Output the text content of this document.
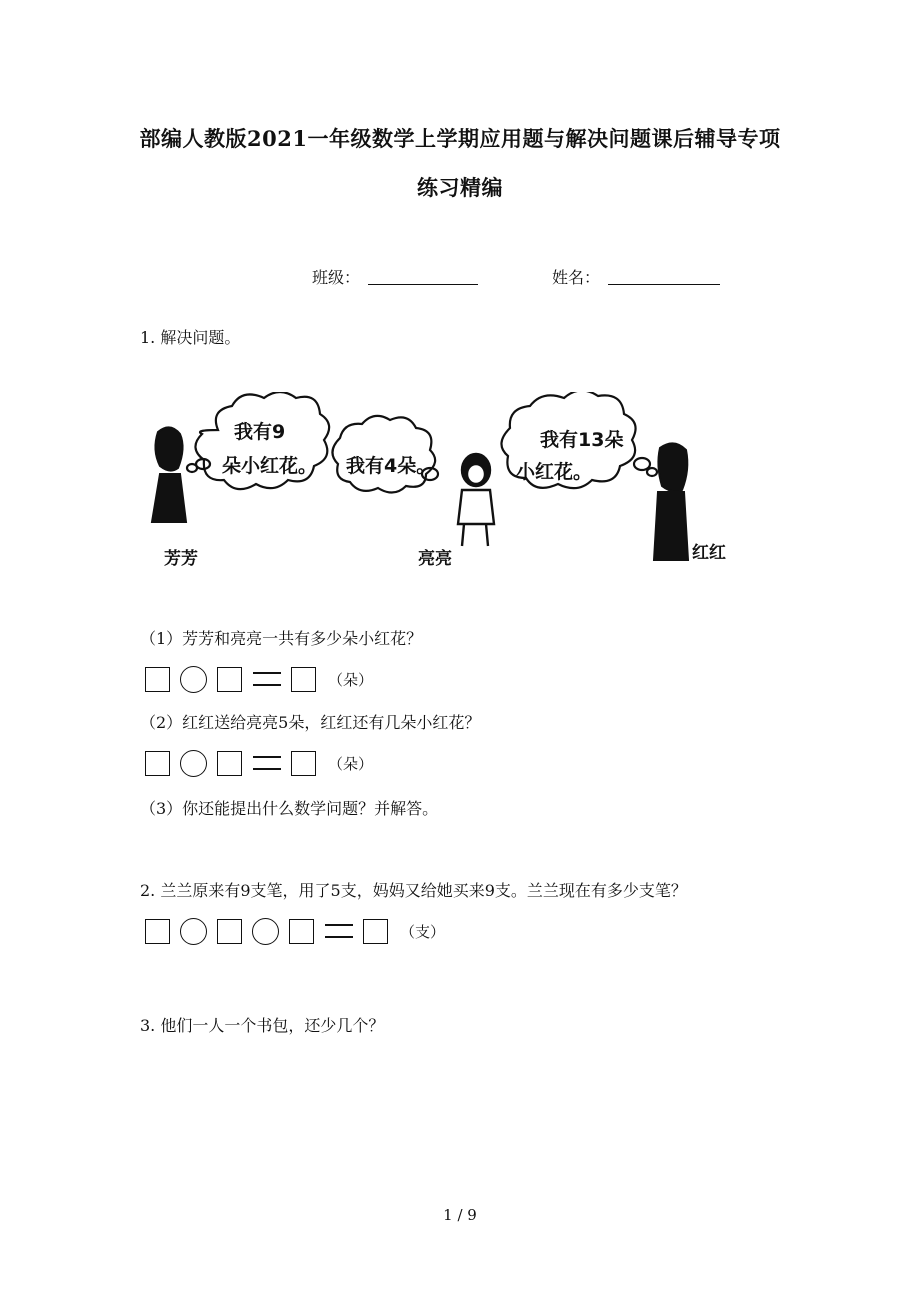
部编人教版2021一年级数学上学期应用题与解决问题课后辅导专项
练习精编
班级：	姓名：
1. 解决问题。
我有9
朵小红花。 我有4朵。
我有13朵
小红花。
芳芳	亮亮	红红
（1）芳芳和亮亮一共有多少朵小红花？
（朵）
（2）红红送给亮亮5朵，红红还有几朵小红花？
（朵）
（3）你还能提出什么数学问题？并解答。
2. 兰兰原来有9支笔，用了5支，妈妈又给她买来9支。兰兰现在有多少支笔？
（支）
3. 他们一人一个书包，还少几个？
1 / 9
